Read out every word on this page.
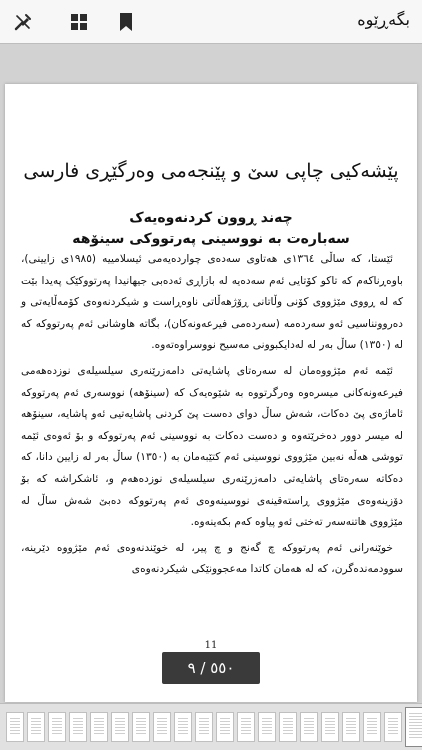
بگەڕێوە
پێشەکیی چاپی سێ و پێنجەمی وەرگێڕی فارسی
چەند ڕوون کردنەوەیەک
سەبارەت بە نووسینی پەرتووکی سینۆهە

ئێستا، کە ساڵی ١٣٦٤ی هەتاوی سەدەی چواردەیەمی ئیسلامییە (١٩٨٥ی زایینی)، باوەڕناکەم کە تاکو کۆتایی ئەم سەدەیە لە بازاڕی ئەدەبی جیهانیدا پەرتووکێک پەیدا بێت کە لە ڕووی مێژووی کۆنی وڵاتانی ڕۆژهەڵاتی ناوەڕاست و شیکردنەوەی کۆمەڵایەتی و دەروونناسیی ئەو سەردەمە (سەردەمی فیرعەونەکان)، بگاتە هاوشانی ئەم پەرتووکە کە لە (١٣٥٠) ساڵ بەر لە لەدایکبوونی مەسیح نووسراوەتەوە.

ئێمە ئەم مێژووەمان لە سەرەتای پاشایەتی دامەزرێنەری سیلسیلەی نوزدەهەمی فیرعەونەکانی میسرەوە وەرگرتووە بە شێوەیەک کە (سینۆهە) نووسەری ئەم پەرتووکە ئاماژەی پێ دەکات، شەش ساڵ دوای دەست پێ کردنی پاشایەتیی ئەو پاشایە، سینۆهە لە میسر دوور دەخرێتەوە و دەست دەکات بە نووسینی ئەم پەرتووکە و بۆ ئەوەی ئێمە تووشی هەڵە نەبین مێژووی نووسینی ئەم کتێبەمان بە (١٣٥٠) ساڵ بەر لە زایین دانا، کە دەکاتە سەرەتای پاشایەتی دامەزرێنەری سیلسیلەی نوزدەهەم و، ئاشکراشە کە بۆ دۆزینەوەی مێژووی ڕاستەقینەی نووسینەوەی ئەم پەرتووکە دەبێ شەش ساڵ لە مێژووی هاتنەسەر تەختی ئەو پیاوە کەم بکەینەوە.

خوێنەرانی ئەم پەرتووکە چ گەنج و چ پیر، لە خوێندنەوەی ئەم مێژووە دێرینە، سوودمەندەگرن، کە لە هەمان کاتدا مەعجوونێکی شیکردنەوەی

11
٥٥٠ / ٩
